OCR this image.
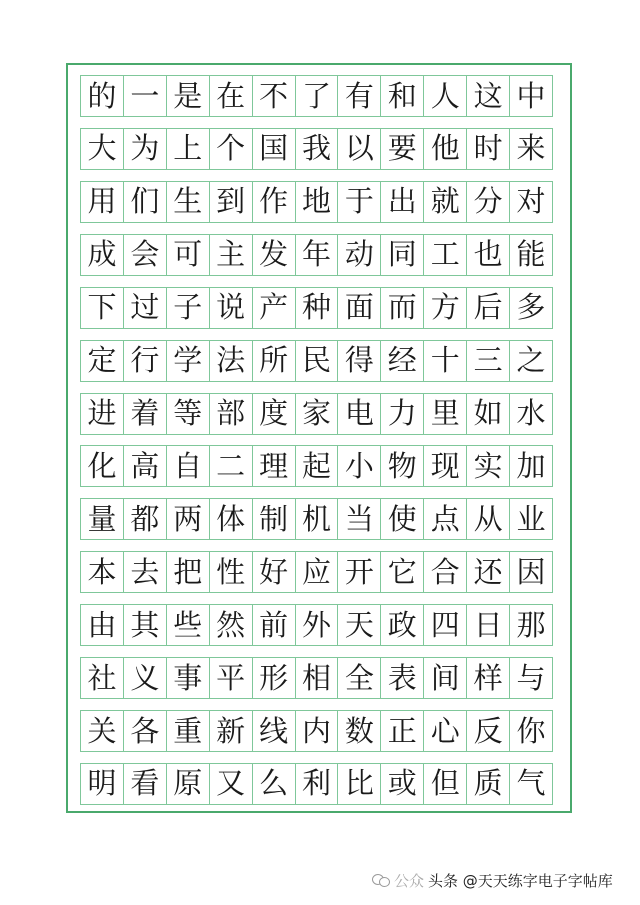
的 一 是 在 不 了 有 和 人 这 中
大 为 上 个 国 我 以 要 他 时 来
用 们 生 到 作 地 于 出 就 分 对
成 会 可 主 发 年 动 同 工 也 能
下 过 子 说 产 种 面 而 方 后 多
定 行 学 法 所 民 得 经 十 三 之
进 着 等 部 度 家 电 力 里 如 水
化 高 自 二 理 起 小 物 现 实 加
量 都 两 体 制 机 当 使 点 从 业
本 去 把 性 好 应 开 它 合 还 因
由 其 些 然 前 外 天 政 四 日 那
社 义 事 平 形 相 全 表 间 样 与
关 各 重 新 线 内 数 正 心 反 你
明 看 原 又 么 利 比 或 但 质 气
公众 头条 @天天练字电子字帖库
